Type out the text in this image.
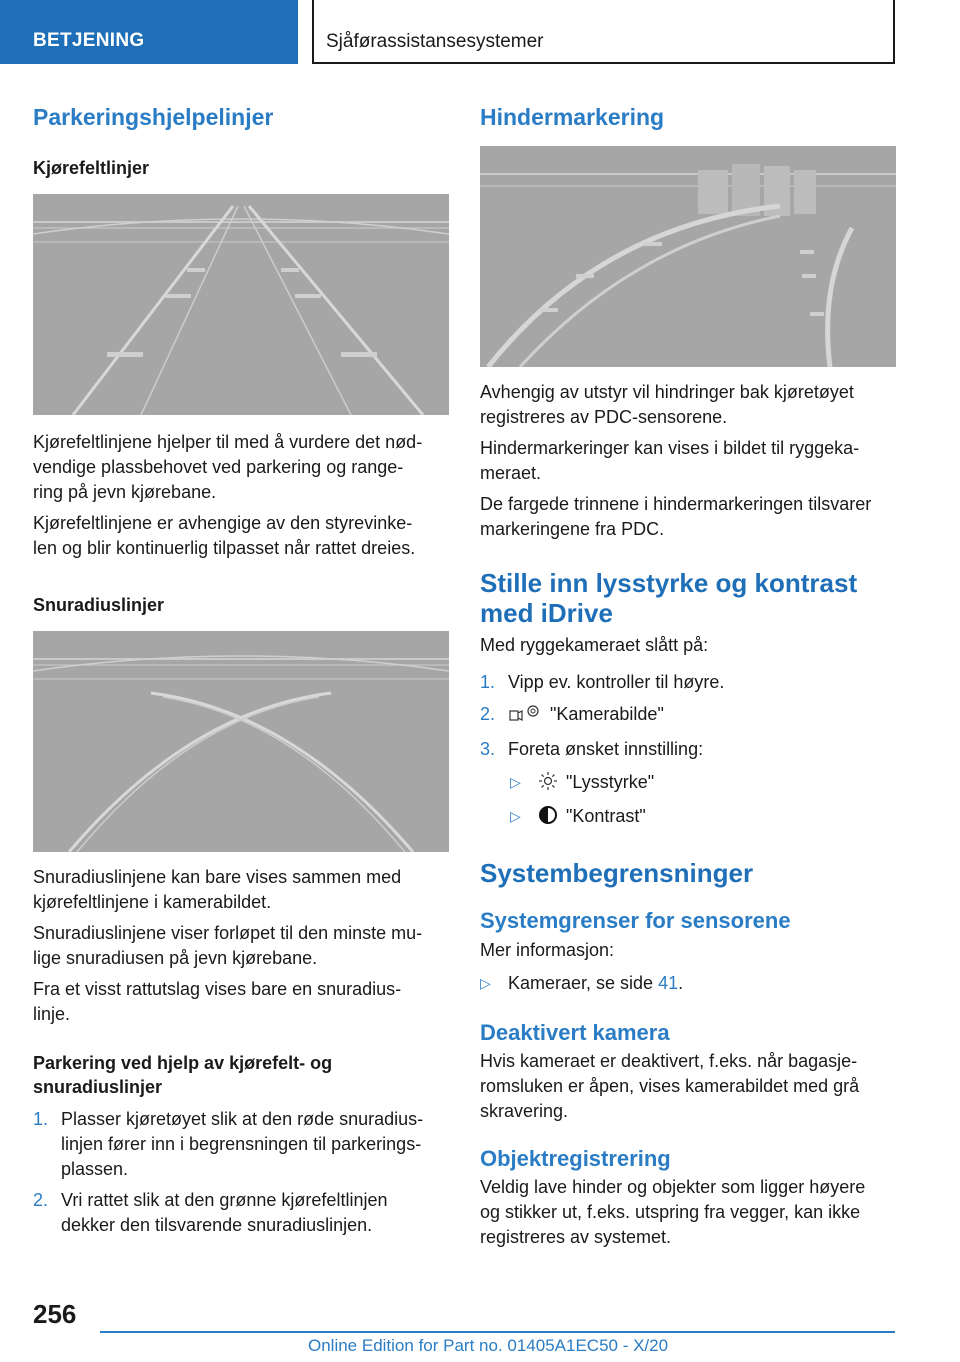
BETJENING	Sjåførassistansesystemer
Parkeringshjelpelinjer
Kjørefeltlinjer
Kjørefeltlinjene hjelper til med å vurdere det nød-
vendige plassbehovet ved parkering og range-
ring på jevn kjørebane.
Kjørefeltlinjene er avhengige av den styrevinke-
len og blir kontinuerlig tilpasset når rattet dreies.
Snuradiuslinjer
Snuradiuslinjene kan bare vises sammen med
kjørefeltlinjene i kamerabildet.
Snuradiuslinjene viser forløpet til den minste mu-
lige snuradiusen på jevn kjørebane.
Fra et visst rattutslag vises bare en snuradius-
linje.
Parkering ved hjelp av kjørefelt- og
snuradiuslinjer
1. Plasser kjøretøyet slik at den røde snuradius-
linjen fører inn i begrensningen til parkerings-
plassen.
2. Vri rattet slik at den grønne kjørefeltlinjen
dekker den tilsvarende snuradiuslinjen.
Hindermarkering
Avhengig av utstyr vil hindringer bak kjøretøyet
registreres av PDC-sensorene.
Hindermarkeringer kan vises i bildet til ryggeka-
meraet.
De fargede trinnene i hindermarkeringen tilsvarer
markeringene fra PDC.
Stille inn lysstyrke og kontrast
med iDrive
Med ryggekameraet slått på:
1. Vipp ev. kontroller til høyre.
2.	"Kamerabilde"
3. Foreta ønsket innstilling:
▷	"Lysstyrke"
▷	"Kontrast"
Systembegrensninger
Systemgrenser for sensorene
Mer informasjon:
▷ Kameraer, se side 41.
Deaktivert kamera
Hvis kameraet er deaktivert, f.eks. når bagasje-
romsluken er åpen, vises kamerabildet med grå
skravering.
Objektregistrering
Veldig lave hinder og objekter som ligger høyere
og stikker ut, f.eks. utspring fra vegger, kan ikke
registreres av systemet.
256
Online Edition for Part no. 01405A1EC50 - X/20
